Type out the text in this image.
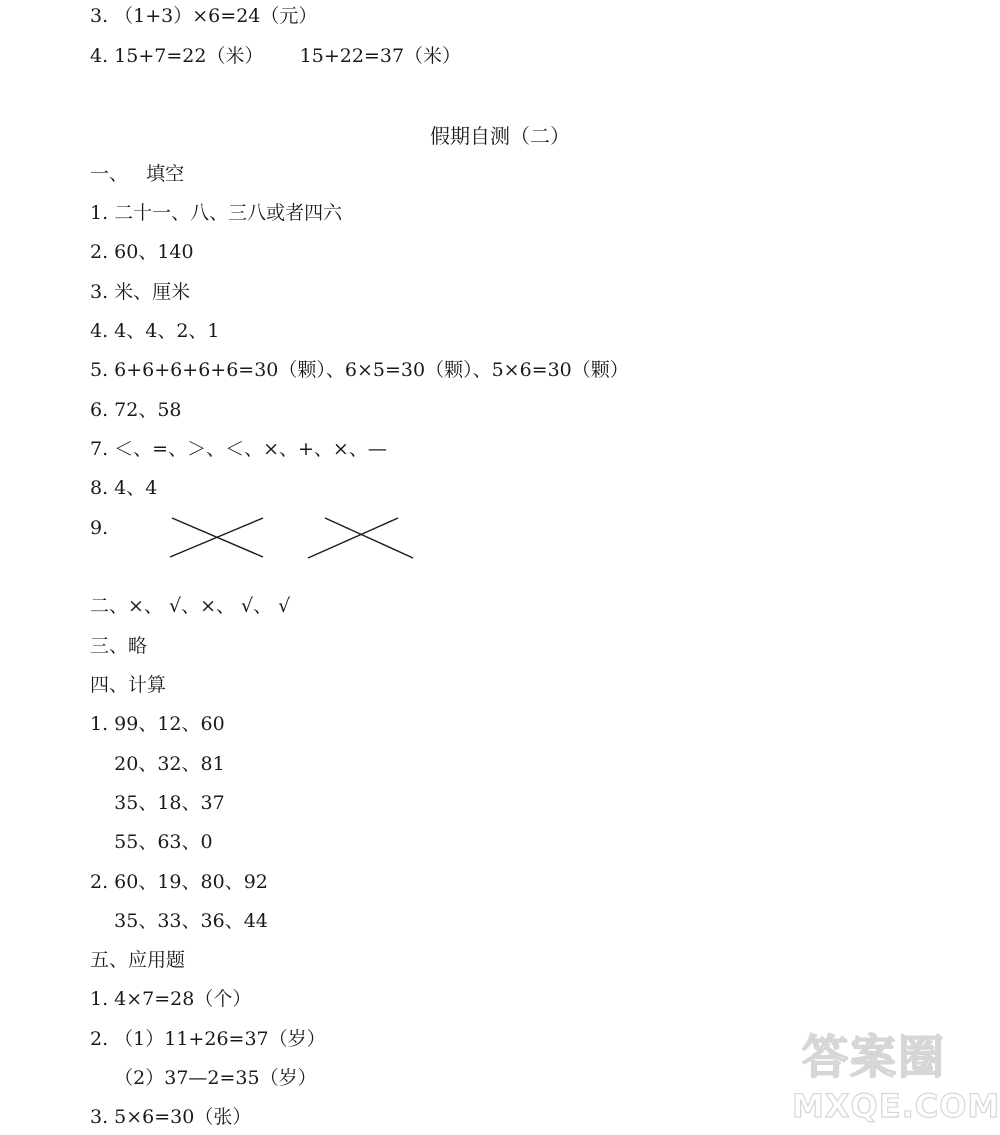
3. （1+3）×6=24（元）
4. 15+7=22（米）      15+22=37（米）
假期自测（二）
一、   填空
1. 二十一、八、三八或者四六
2. 60、140
3. 米、厘米
4. 4、4、2、1
5. 6+6+6+6+6=30（颗）、6×5=30（颗）、5×6=30（颗）
6. 72、58
7. ＜、=、＞、＜、×、+、×、—
8. 4、4
9.
二、×、 √、×、 √、 √
三、略
四、计算
1. 99、12、60
20、32、81
35、18、37
55、63、0
2. 60、19、80、92
35、33、36、44
五、应用题
1. 4×7=28（个）
2. （1）11+26=37（岁）
（2）37—2=35（岁）
3. 5×6=30（张）
答案圈
MXQE.COM
